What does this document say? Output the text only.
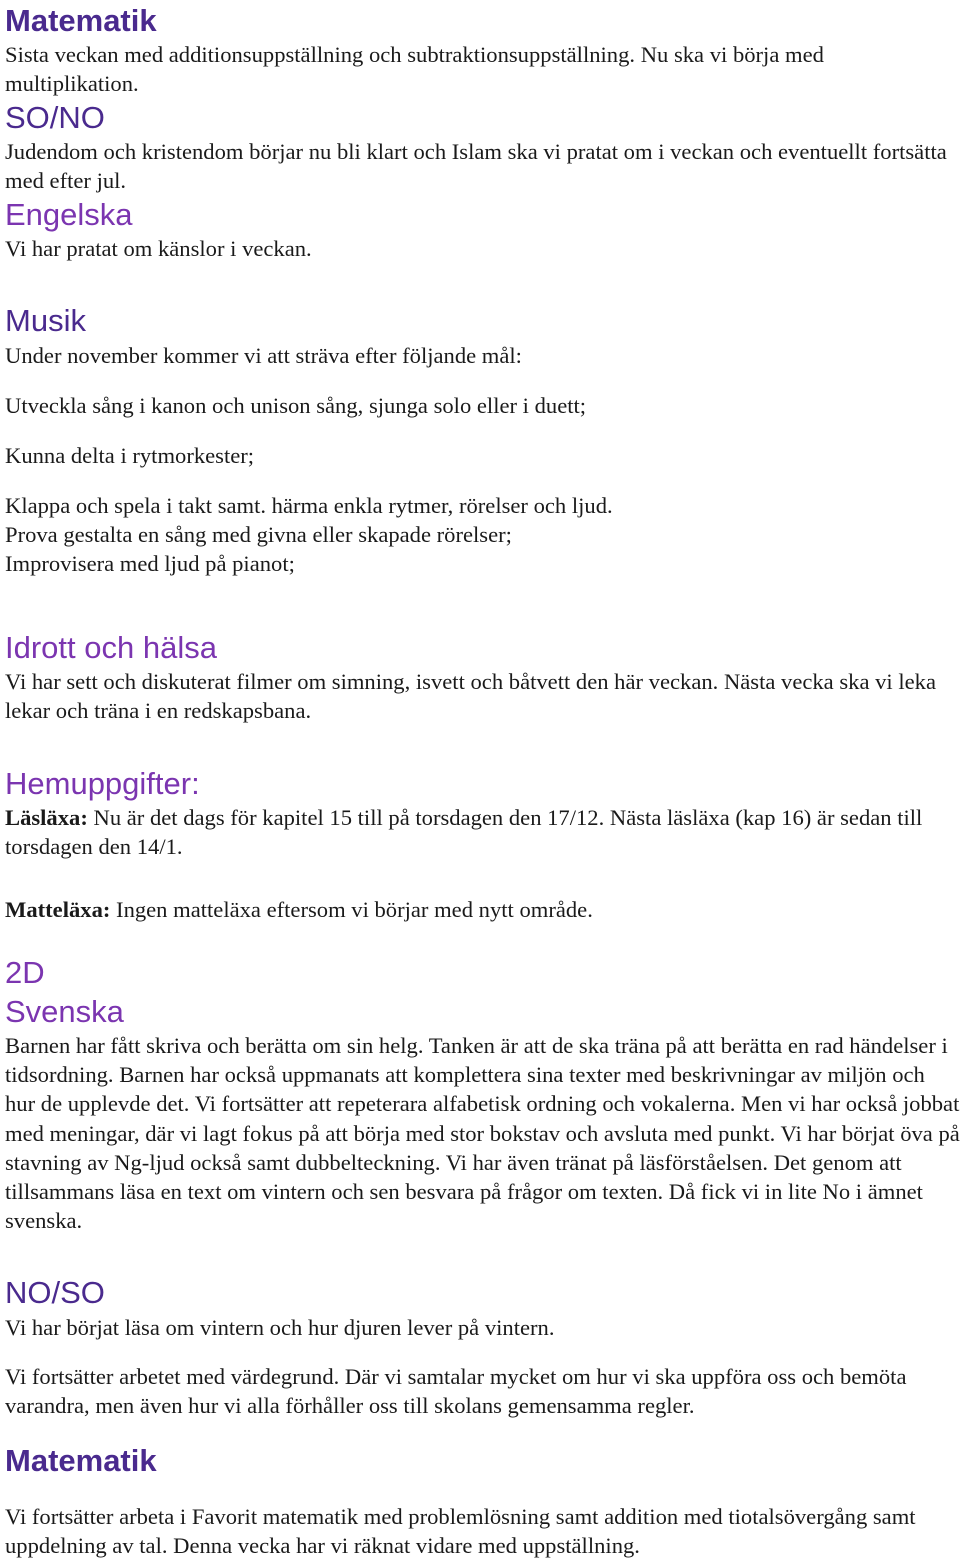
Matematik

Sista veckan med additionsuppställning och subtraktionsuppställning. Nu ska vi börja med multiplikation.

SO/NO

Judendom och kristendom börjar nu bli klart och Islam ska vi pratat om i veckan och eventuellt fortsätta med efter jul.

Engelska

Vi har pratat om känslor i veckan.

Musik

Under november kommer vi att sträva efter följande mål:

Utveckla sång i kanon och unison sång, sjunga solo eller i duett;

Kunna delta i rytmorkester;

Klappa och spela i takt samt. härma enkla rytmer, rörelser och ljud.

Prova gestalta en sång med givna eller skapade rörelser;

Improvisera med ljud på pianot;

Idrott och hälsa

Vi har sett och diskuterat filmer om simning, isvett och båtvett den här veckan. Nästa vecka ska vi leka lekar och träna i en redskapsbana.

Hemuppgifter:

Läsläxa: Nu är det dags för kapitel 15 till på torsdagen den 17/12. Nästa läsläxa (kap 16) är sedan till torsdagen den 14/1.

Matteläxa: Ingen matteläxa eftersom vi börjar med nytt område.

2D
Svenska

Barnen har fått skriva och berätta om sin helg. Tanken är att de ska träna på att berätta en rad händelser i tidsordning. Barnen har också uppmanats att komplettera sina texter med beskrivningar av miljön och hur de upplevde det. Vi fortsätter att repeterara alfabetisk ordning och vokalerna. Men vi har också jobbat med meningar, där vi lagt fokus på att börja med stor bokstav och avsluta med punkt. Vi har börjat öva på stavning av Ng-ljud också samt dubbelteckning. Vi har även tränat på läsförståelsen. Det genom att tillsammans läsa en text om vintern och sen besvara på frågor om texten. Då fick vi in lite No i ämnet svenska.

NO/SO

Vi har börjat läsa om vintern och hur djuren lever på vintern.

Vi fortsätter arbetet med värdegrund. Där vi samtalar mycket om hur vi ska uppföra oss och bemöta varandra, men även hur vi alla förhåller oss till skolans gemensamma regler.

Matematik

Vi fortsätter arbeta i Favorit matematik med problemlösning samt addition med tiotalsövergång samt uppdelning av tal. Denna vecka har vi räknat vidare med uppställning.
